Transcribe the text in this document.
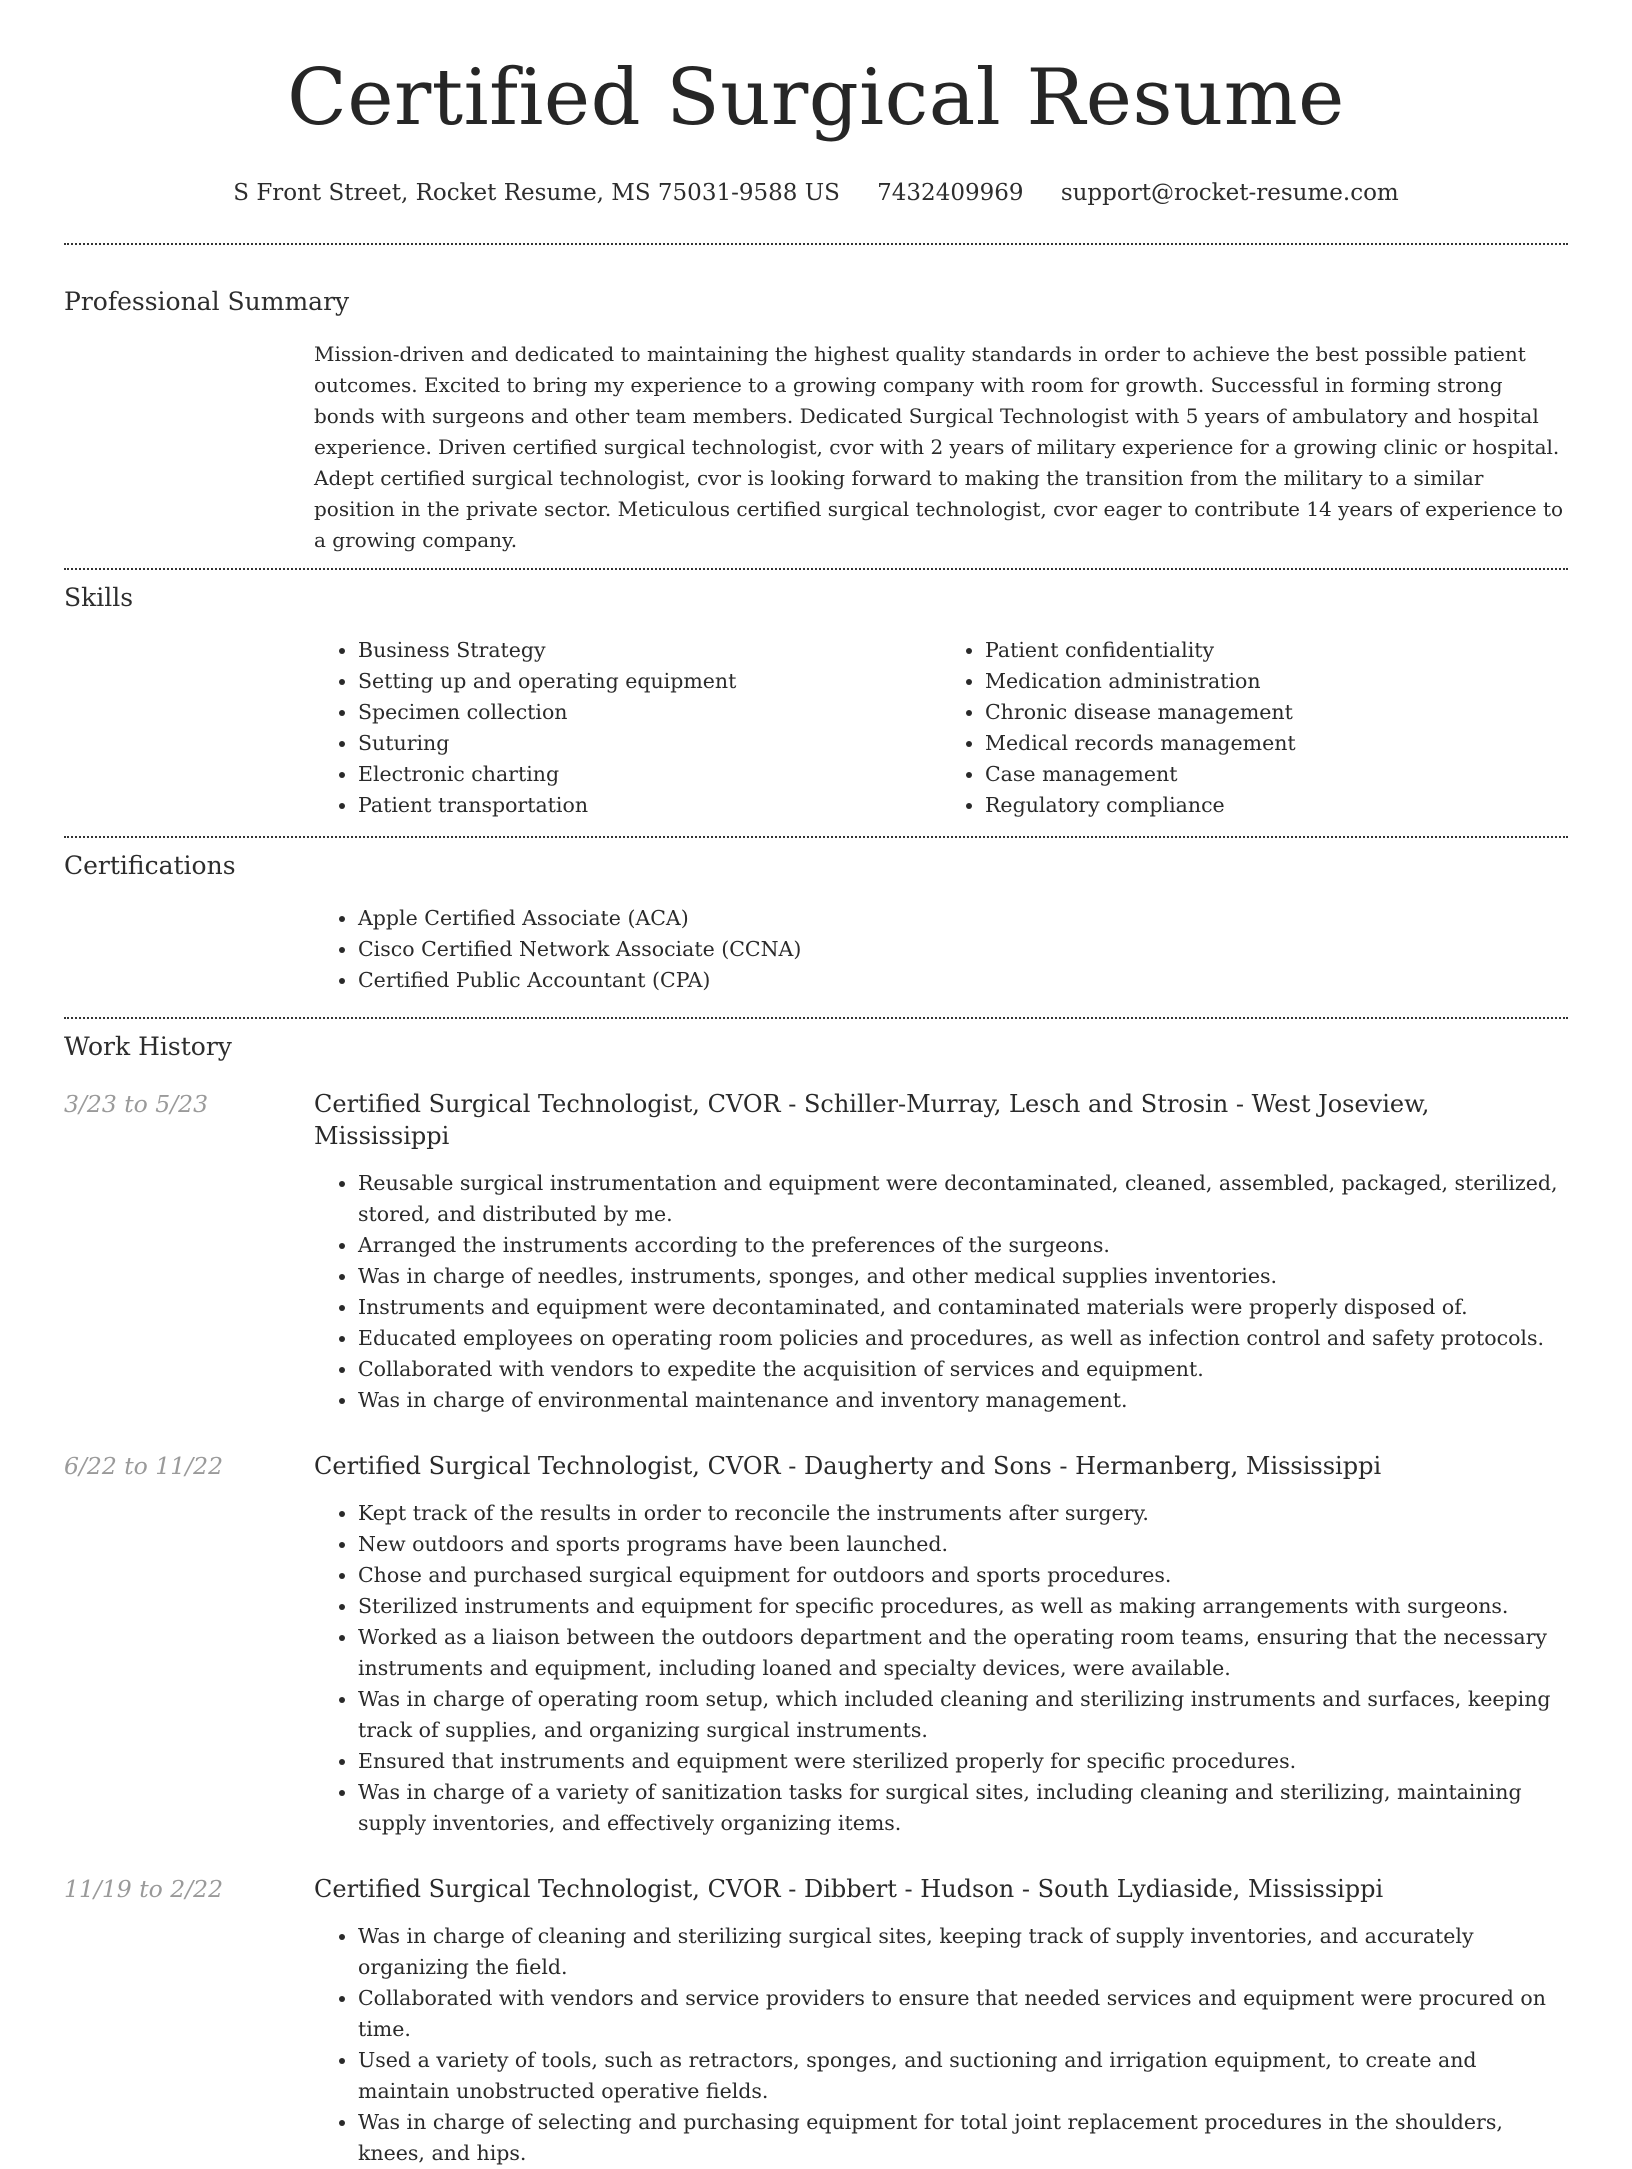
Certified Surgical Resume
S Front Street, Rocket Resume, MS 75031-9588 US 7432409969 support@rocket-resume.com
Professional Summary
Mission-driven and dedicated to maintaining the highest quality standards in order to achieve the best possible patient outcomes. Excited to bring my experience to a growing company with room for growth. Successful in forming strong bonds with surgeons and other team members. Dedicated Surgical Technologist with 5 years of ambulatory and hospital experience. Driven certified surgical technologist, cvor with 2 years of military experience for a growing clinic or hospital. Adept certified surgical technologist, cvor is looking forward to making the transition from the military to a similar position in the private sector. Meticulous certified surgical technologist, cvor eager to contribute 14 years of experience to a growing company.
Skills
• Business Strategy
• Setting up and operating equipment
• Specimen collection
• Suturing
• Electronic charting
• Patient transportation
• Patient confidentiality
• Medication administration
• Chronic disease management
• Medical records management
• Case management
• Regulatory compliance
Certifications
• Apple Certified Associate (ACA)
• Cisco Certified Network Associate (CCNA)
• Certified Public Accountant (CPA)
Work History
3/23 to 5/23	Certified Surgical Technologist, CVOR - Schiller-Murray, Lesch and Strosin - West Joseview, Mississippi
• Reusable surgical instrumentation and equipment were decontaminated, cleaned, assembled, packaged, sterilized, stored, and distributed by me.
• Arranged the instruments according to the preferences of the surgeons.
• Was in charge of needles, instruments, sponges, and other medical supplies inventories.
• Instruments and equipment were decontaminated, and contaminated materials were properly disposed of.
• Educated employees on operating room policies and procedures, as well as infection control and safety protocols.
• Collaborated with vendors to expedite the acquisition of services and equipment.
• Was in charge of environmental maintenance and inventory management.
6/22 to 11/22	Certified Surgical Technologist, CVOR - Daugherty and Sons - Hermanberg, Mississippi
• Kept track of the results in order to reconcile the instruments after surgery.
• New outdoors and sports programs have been launched.
• Chose and purchased surgical equipment for outdoors and sports procedures.
• Sterilized instruments and equipment for specific procedures, as well as making arrangements with surgeons.
• Worked as a liaison between the outdoors department and the operating room teams, ensuring that the necessary instruments and equipment, including loaned and specialty devices, were available.
• Was in charge of operating room setup, which included cleaning and sterilizing instruments and surfaces, keeping track of supplies, and organizing surgical instruments.
• Ensured that instruments and equipment were sterilized properly for specific procedures.
• Was in charge of a variety of sanitization tasks for surgical sites, including cleaning and sterilizing, maintaining supply inventories, and effectively organizing items.
11/19 to 2/22	Certified Surgical Technologist, CVOR - Dibbert - Hudson - South Lydiaside, Mississippi
• Was in charge of cleaning and sterilizing surgical sites, keeping track of supply inventories, and accurately organizing the field.
• Collaborated with vendors and service providers to ensure that needed services and equipment were procured on time.
• Used a variety of tools, such as retractors, sponges, and suctioning and irrigation equipment, to create and maintain unobstructed operative fields.
• Was in charge of selecting and purchasing equipment for total joint replacement procedures in the shoulders, knees, and hips.
